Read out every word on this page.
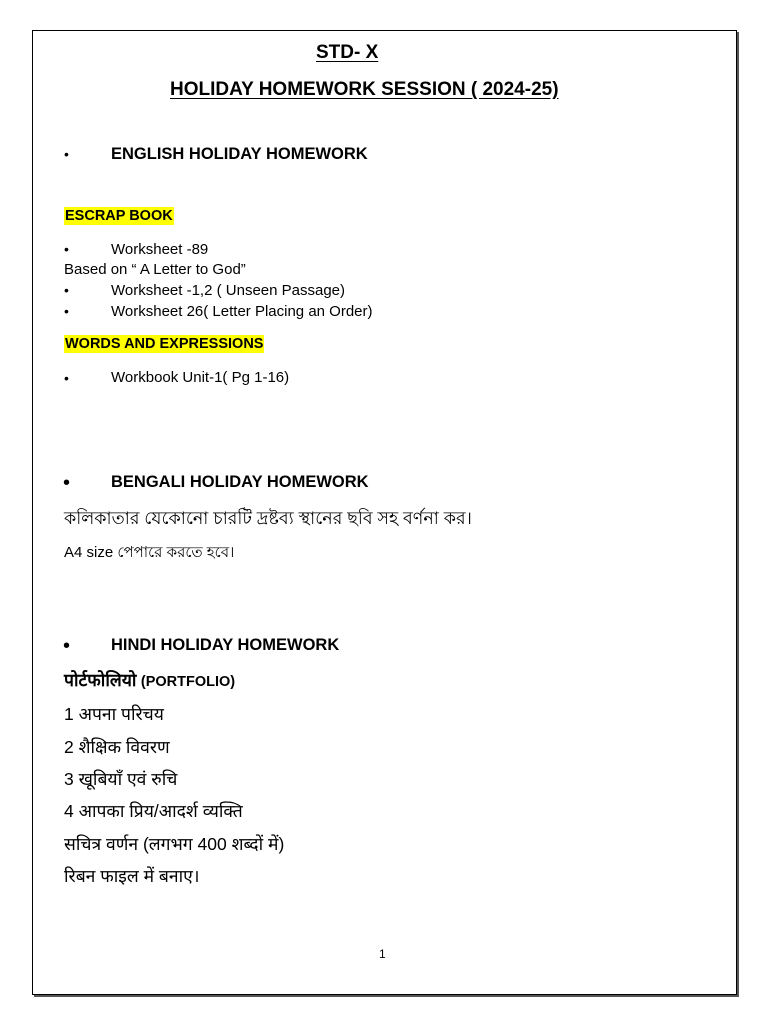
STD- X
HOLIDAY HOMEWORK SESSION ( 2024-25)
•	ENGLISH HOLIDAY HOMEWORK
ESCRAP BOOK
•	Worksheet -89
Based on “ A Letter to God”
•	Worksheet -1,2 ( Unseen Passage)
•	Worksheet 26( Letter Placing an Order)
WORDS AND EXPRESSIONS
•	Workbook Unit-1( Pg 1-16)
• BENGALI HOLIDAY HOMEWORK
কলিকাতার যেকোনো চারটি দ্রষ্টব্য স্থানের ছবি সহ বর্ণনা কর।
A4 size পেপারে করতে হবে।
• HINDI HOLIDAY HOMEWORK
पोर्टफोलियो (PORTFOLIO)
1 अपना परिचय
2 शैक्षिक विवरण
3 खूबियाँ एवं रुचि
4 आपका प्रिय/आदर्श व्यक्ति
सचित्र वर्णन (लगभग 400 शब्दों में)
रिबन फाइल में बनाए।
1
